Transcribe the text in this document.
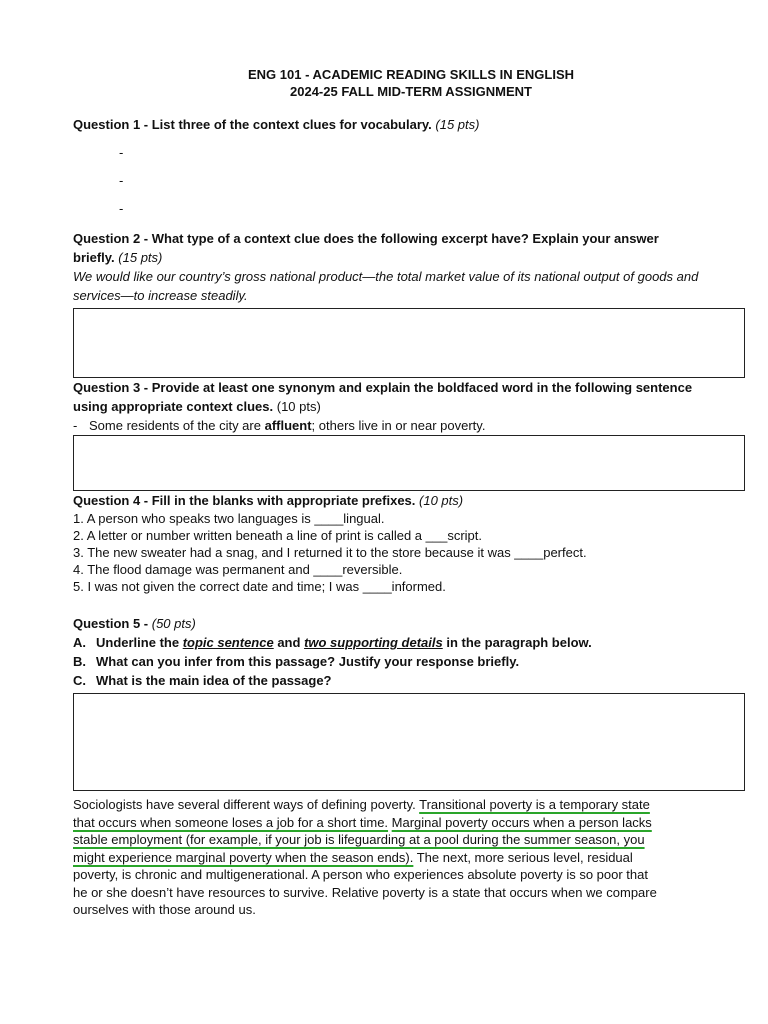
ENG 101 - ACADEMIC READING SKILLS IN ENGLISH

2024-25 FALL MID-TERM ASSIGNMENT

Question 1 - List three of the context clues for vocabulary. (15 pts)

-
-
-

Question 2 - What type of a context clue does the following excerpt have? Explain your answer briefly. (15 pts)

We would like our country’s gross national product—the total market value of its national output of goods and services—to increase steadily.

Question 3 - Provide at least one synonym and explain the boldfaced word in the following sentence using appropriate context clues. (10 pts)

- Some residents of the city are affluent; others live in or near poverty.

Question 4 - Fill in the blanks with appropriate prefixes. (10 pts)

1. A person who speaks two languages is ____lingual.

2. A letter or number written beneath a line of print is called a ___script.

3. The new sweater had a snag, and I returned it to the store because it was ____perfect.

4. The flood damage was permanent and ____reversible.

5. I was not given the correct date and time; I was ____informed.

Question 5 - (50 pts)

A. Underline the topic sentence and two supporting details in the paragraph below.
B. What can you infer from this passage? Justify your response briefly.
C. What is the main idea of the passage?

Sociologists have several different ways of defining poverty. Transitional poverty is a temporary state that occurs when someone loses a job for a short time. Marginal poverty occurs when a person lacks stable employment (for example, if your job is lifeguarding at a pool during the summer season, you might experience marginal poverty when the season ends). The next, more serious level, residual poverty, is chronic and multigenerational. A person who experiences absolute poverty is so poor that he or she doesn’t have resources to survive. Relative poverty is a state that occurs when we compare ourselves with those around us.
